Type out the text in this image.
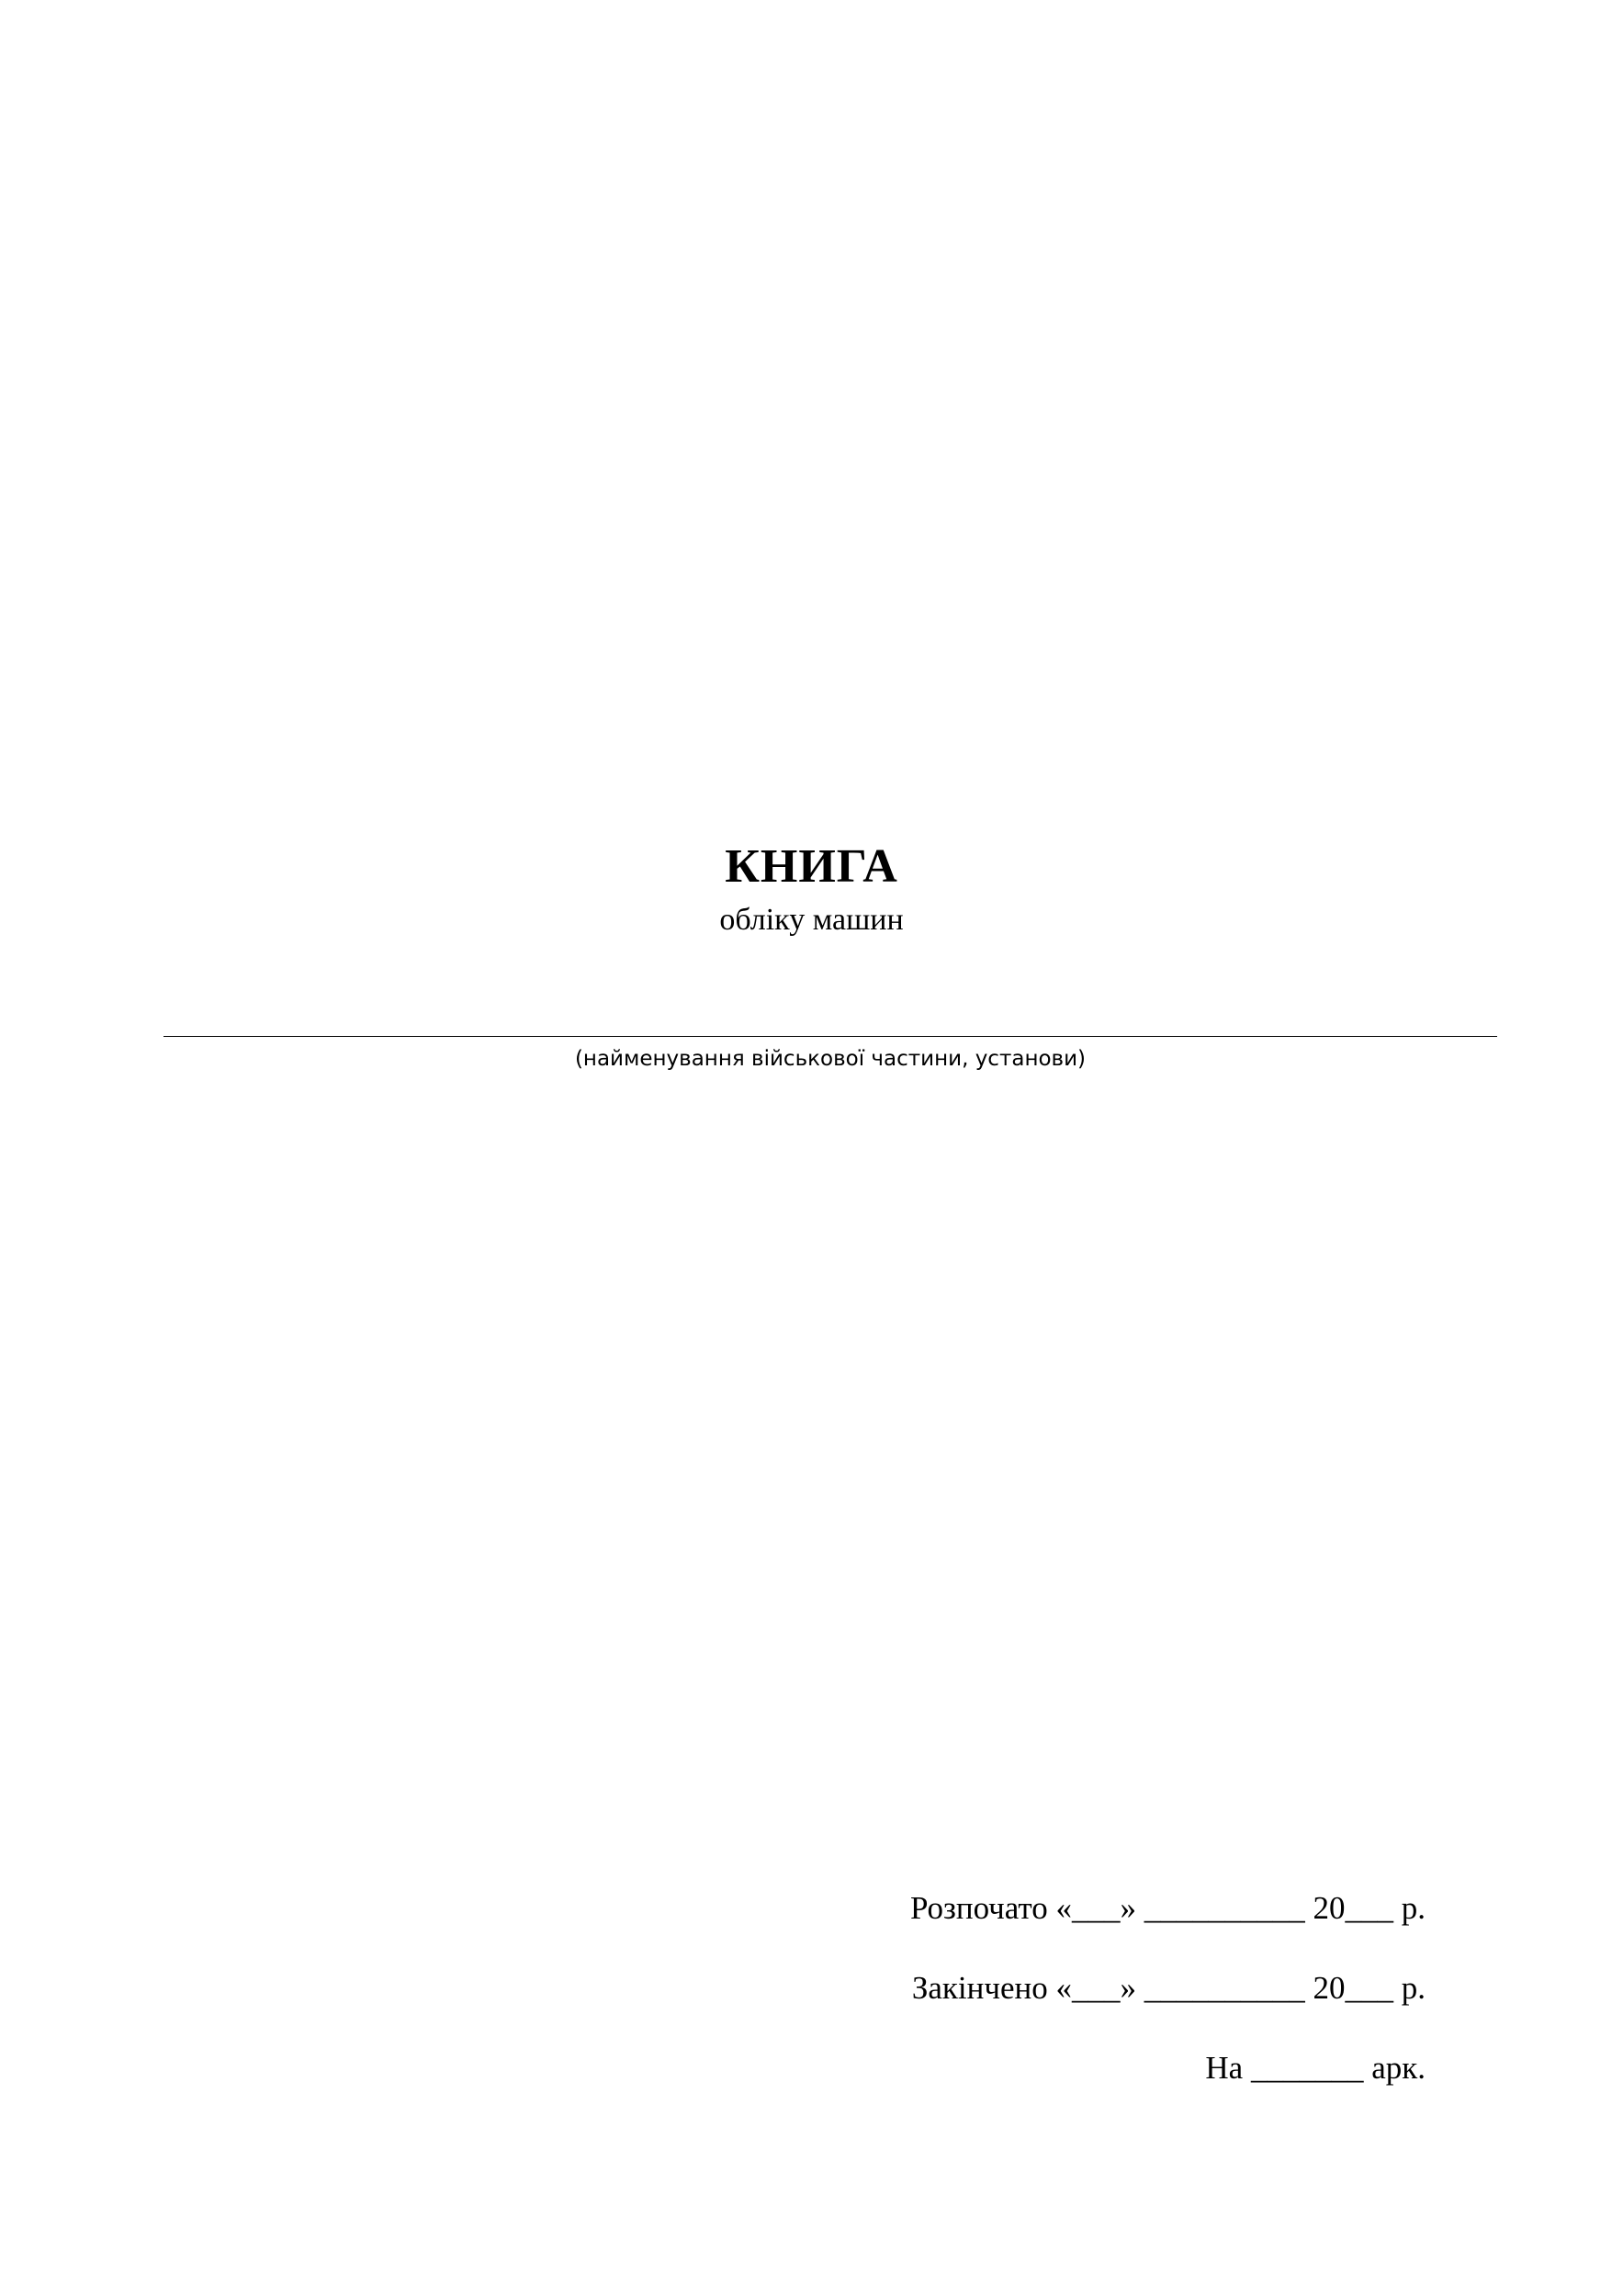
КНИГА
обліку машин
(найменування військової частини, установи)
Розпочато «___» __________ 20___ р.
Закінчено «___» __________ 20___ р.
На _______ арк.
